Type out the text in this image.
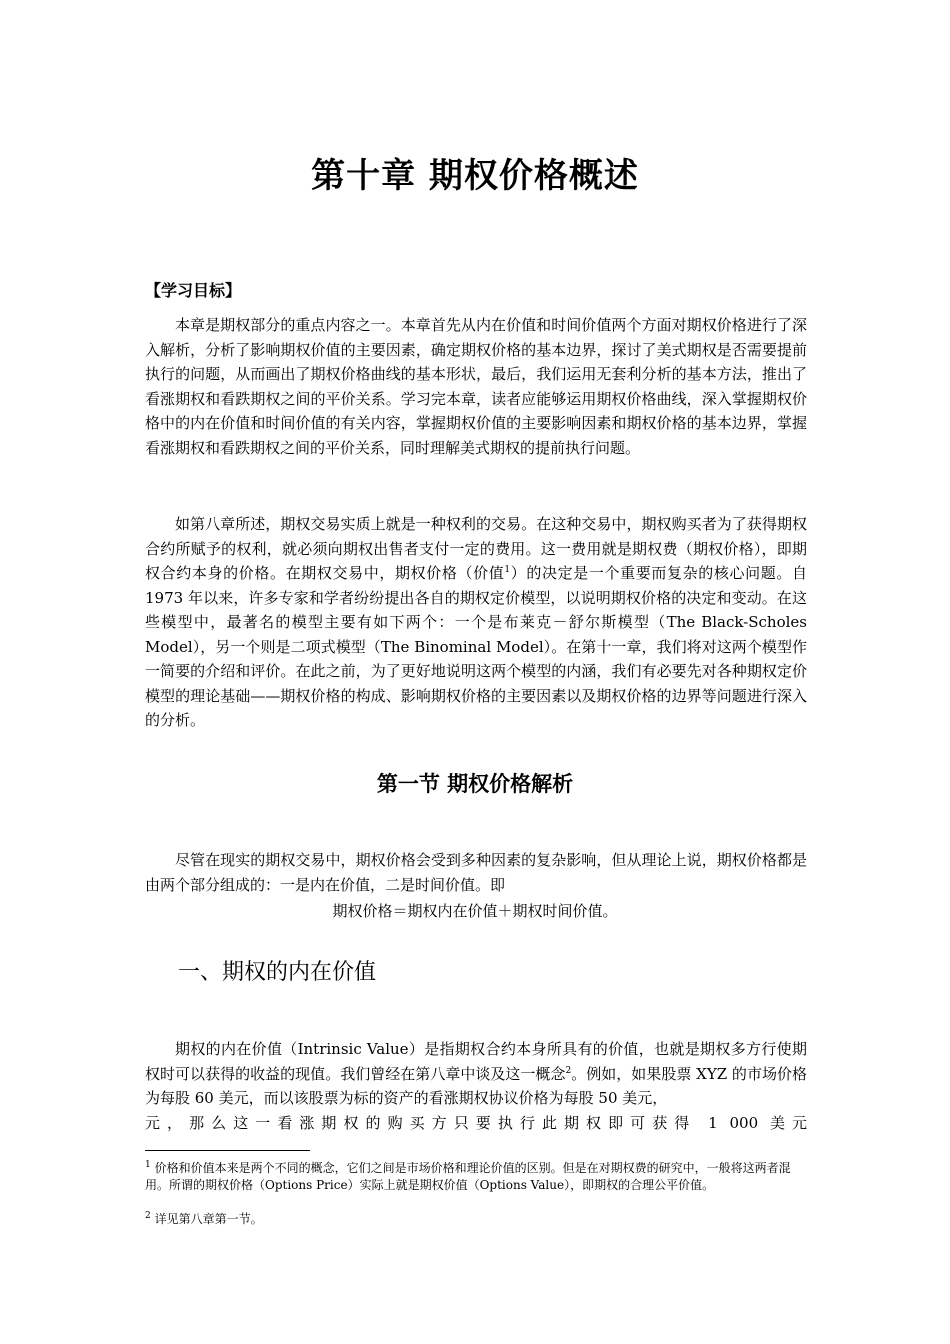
第十章 期权价格概述
【学习目标】

本章是期权部分的重点内容之一。本章首先从内在价值和时间价值两个方面对期权价格进行了深入解析，分析了影响期权价值的主要因素，确定期权价格的基本边界，探讨了美式期权是否需要提前执行的问题，从而画出了期权价格曲线的基本形状，最后，我们运用无套利分析的基本方法，推出了看涨期权和看跌期权之间的平价关系。学习完本章，读者应能够运用期权价格曲线，深入掌握期权价格中的内在价值和时间价值的有关内容，掌握期权价值的主要影响因素和期权价格的基本边界，掌握看涨期权和看跌期权之间的平价关系，同时理解美式期权的提前执行问题。

如第八章所述，期权交易实质上就是一种权利的交易。在这种交易中，期权购买者为了获得期权合约所赋予的权利，就必须向期权出售者支付一定的费用。这一费用就是期权费（期权价格），即期权合约本身的价格。在期权交易中，期权价格（价值$^1$）的决定是一个重要而复杂的核心问题。自 1973 年以来，许多专家和学者纷纷提出各自的期权定价模型，以说明期权价格的决定和变动。在这些模型中，最著名的模型主要有如下两个：一个是布莱克－舒尔斯模型（The Black-Scholes Model），另一个则是二项式模型（The Binominal Model）。在第十一章，我们将对这两个模型作一简要的介绍和评价。在此之前，为了更好地说明这两个模型的内涵，我们有必要先对各种期权定价模型的理论基础——期权价格的构成、影响期权价格的主要因素以及期权价格的边界等问题进行深入的分析。

第一节 期权价格解析

尽管在现实的期权交易中，期权价格会受到多种因素的复杂影响，但从理论上说，期权价格都是由两个部分组成的：一是内在价值，二是时间价值。即

期权价格＝期权内在价值＋期权时间价值。
一、期权的内在价值

期权的内在价值（Intrinsic Value）是指期权合约本身所具有的价值，也就是期权多方行使期权时可以获得的收益的现值。我们曾经在第八章中谈及这一概念$^2$。例如，如果股票 XYZ 的市场价格为每股 60 美元，而以该股票为标的资产的看涨期权协议价格为每股 50 美元，

元，那么这一看涨期权的购买方只要执行此期权即可获得 1 000 美元

$^1$ 价格和价值本来是两个不同的概念，它们之间是市场价格和理论价值的区别。但是在对期权费的研究中，一般将这两者混用。所谓的期权价格（Options Price）实际上就是期权价值（Options Value），即期权的合理公平价值。

$^2$ 详见第八章第一节。
